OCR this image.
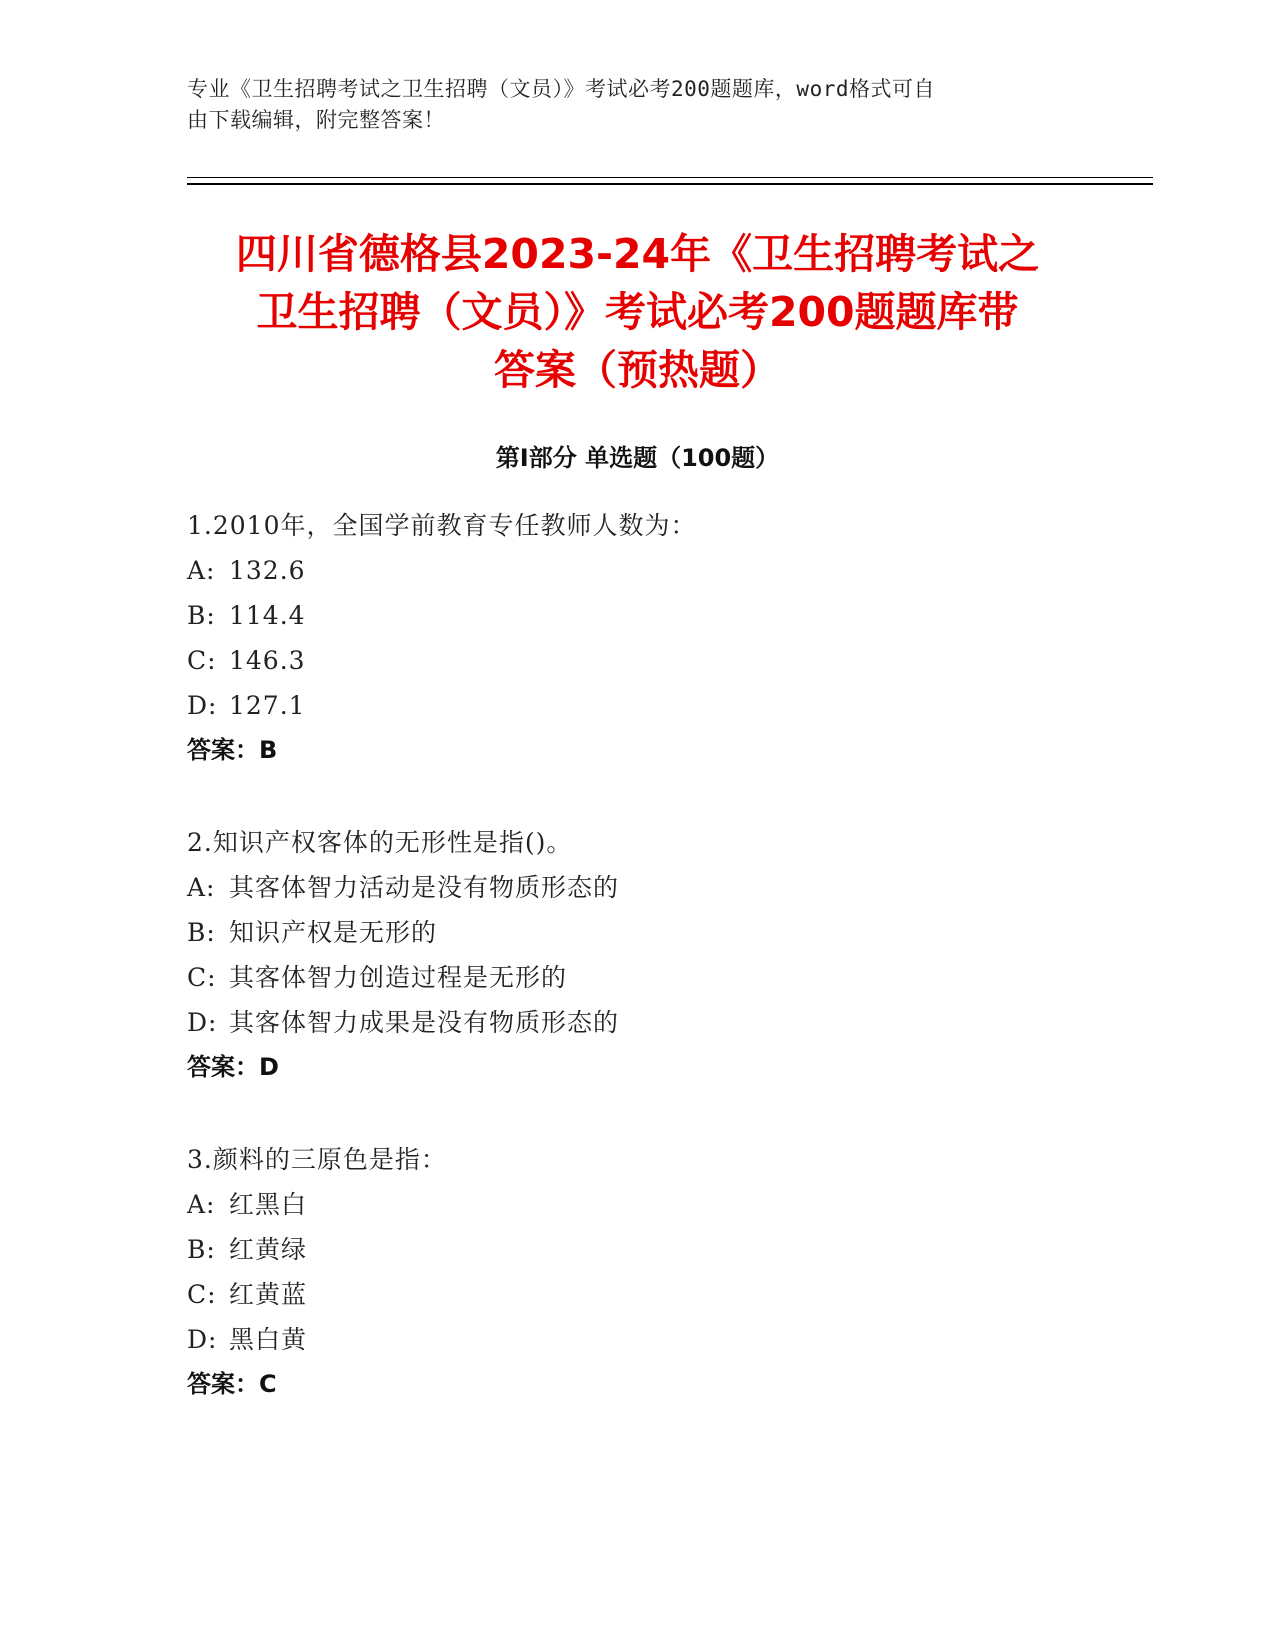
专业《卫生招聘考试之卫生招聘（文员）》考试必考200题题库，word格式可自
由下载编辑，附完整答案！
四川省德格县2023-24年《卫生招聘考试之
卫生招聘（文员）》考试必考200题题库带
答案（预热题）
第Ⅰ部分 单选题（100题）
1.2010年，全国学前教育专任教师人数为：
A: 132.6
B: 114.4
C: 146.3
D: 127.1
答案：B
2.知识产权客体的无形性是指()。
A: 其客体智力活动是没有物质形态的
B: 知识产权是无形的
C: 其客体智力创造过程是无形的
D: 其客体智力成果是没有物质形态的
答案：D
3.颜料的三原色是指：
A: 红黑白
B: 红黄绿
C: 红黄蓝
D: 黑白黄
答案：C
